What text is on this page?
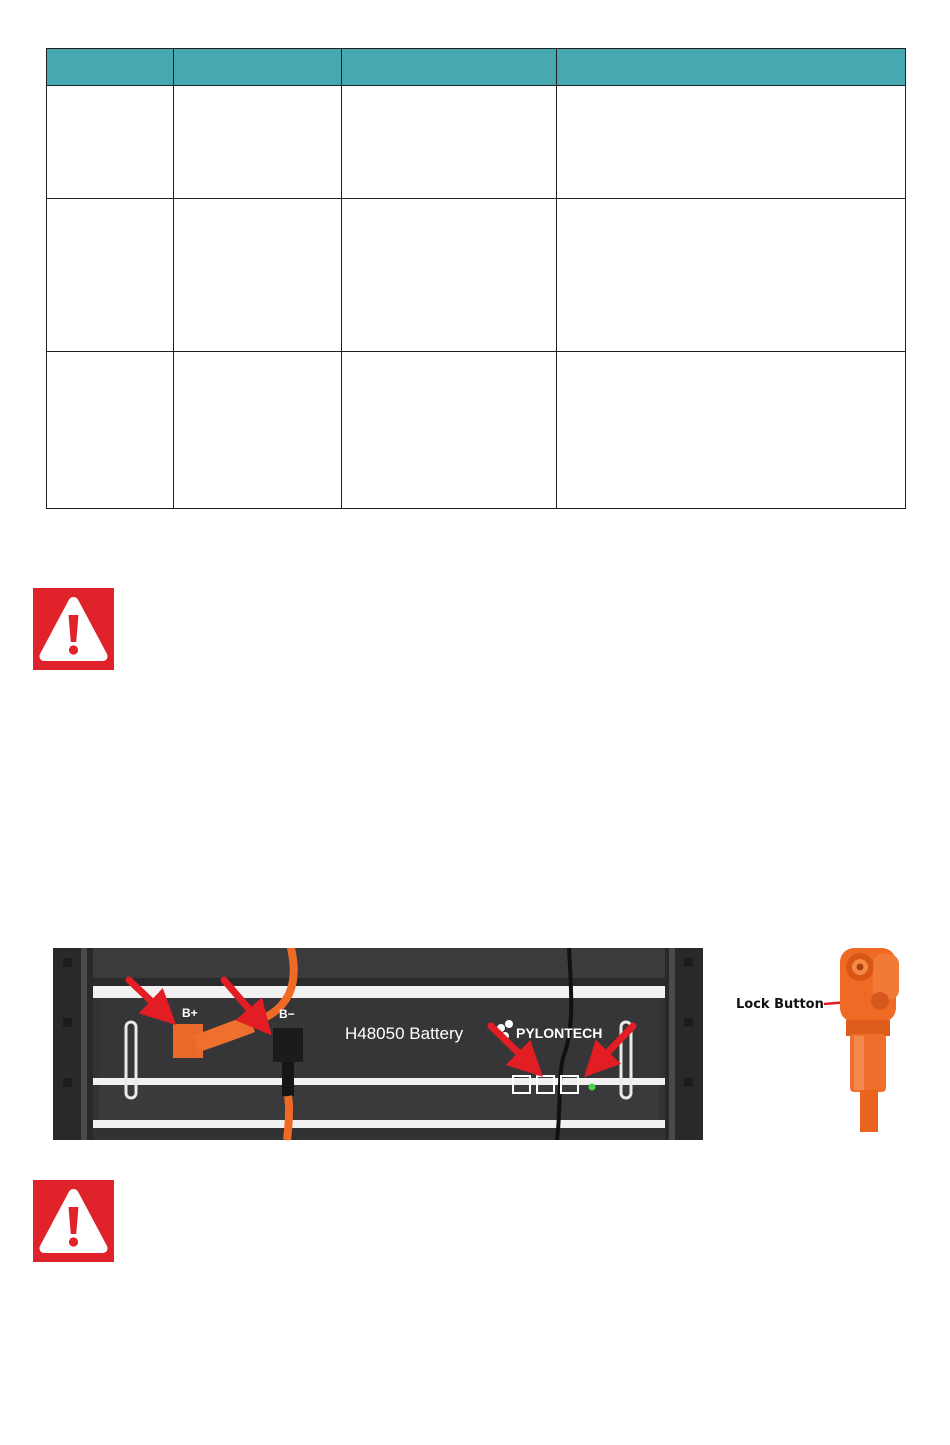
B+	B−
H48050 Battery	PYLONTECH
Lock Button
